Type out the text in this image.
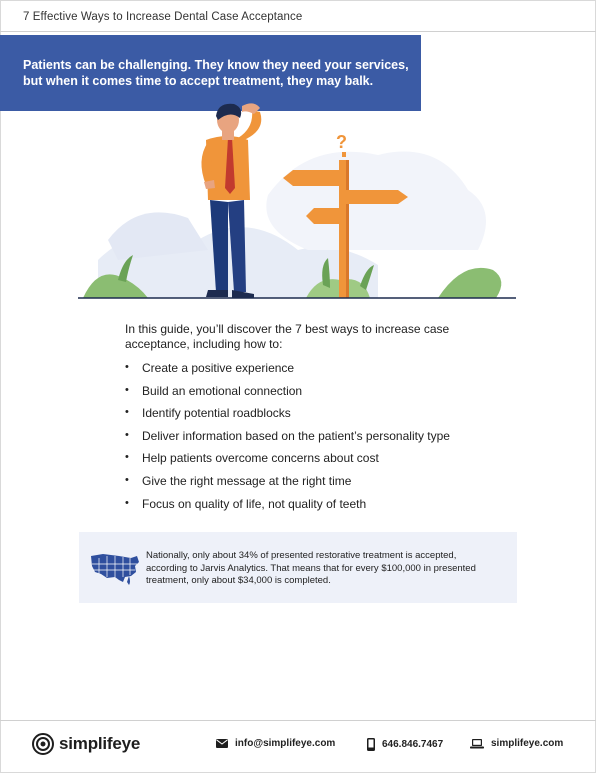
7 Effective Ways to Increase Dental Case Acceptance
Patients can be challenging. They know they need your services,
but when it comes time to accept treatment, they may balk.
?
In this guide, you’ll discover the 7 best ways to increase case
acceptance, including how to:
• Create a positive experience
• Build an emotional connection
• Identify potential roadblocks
• Deliver information based on the patient’s personality type
• Help patients overcome concerns about cost
• Give the right message at the right time
• Focus on quality of life, not quality of teeth
Nationally, only about 34% of presented restorative treatment is accepted,
according to Jarvis Analytics. That means that for every $100,000 in presented
treatment, only about $34,000 is completed.
simplifeye	info@simplifeye.com	646.846.7467	simplifeye.com
